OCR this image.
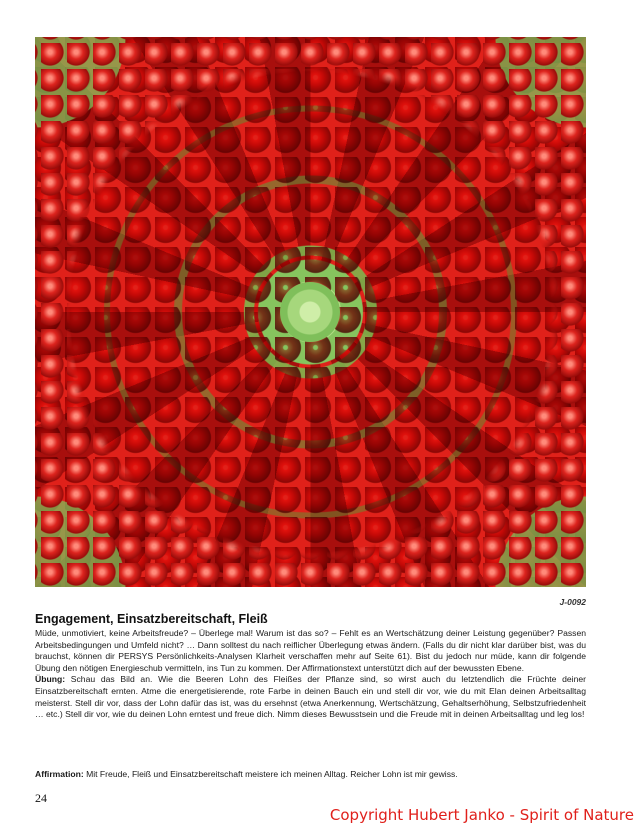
J-0092
Engagement, Einsatzbereitschaft, Fleiß

Müde, unmotiviert, keine Arbeitsfreude? – Überlege mal! Warum ist das so? – Fehlt es an Wertschätzung deiner Leistung gegenüber? Passen Arbeitsbedingungen und Umfeld nicht? … Dann solltest du nach reiflicher Überlegung etwas ändern. (Falls du dir nicht klar darüber bist, was du brauchst, können dir PERSYS Persönlichkeits-Analysen Klarheit verschaffen mehr auf Seite 61). Bist du jedoch nur müde, kann dir folgende Übung den nötigen Energieschub vermitteln, ins Tun zu kommen. Der Affirmationstext unterstützt dich auf der bewussten Ebene.
Übung: Schau das Bild an. Wie die Beeren Lohn des Fleißes der Pflanze sind, so wirst auch du letztendlich die Früchte deiner Einsatzbereitschaft ernten. Atme die energetisierende, rote Farbe in deinen Bauch ein und stell dir vor, wie du mit Elan deinen Arbeitsalltag meisterst. Stell dir vor, dass der Lohn dafür das ist, was du ersehnst (etwa Anerkennung, Wertschätzung, Gehaltserhöhung, Selbstzufriedenheit … etc.) Stell dir vor, wie du deinen Lohn erntest und freue dich. Nimm dieses Bewusstsein und die Freude mit in deinen Arbeitsalltag und leg los!

Affirmation: Mit Freude, Fleiß und Einsatzbereitschaft meistere ich meinen Alltag. Reicher Lohn ist mir gewiss.

24
Copyright Hubert Janko - Spirit of Nature
